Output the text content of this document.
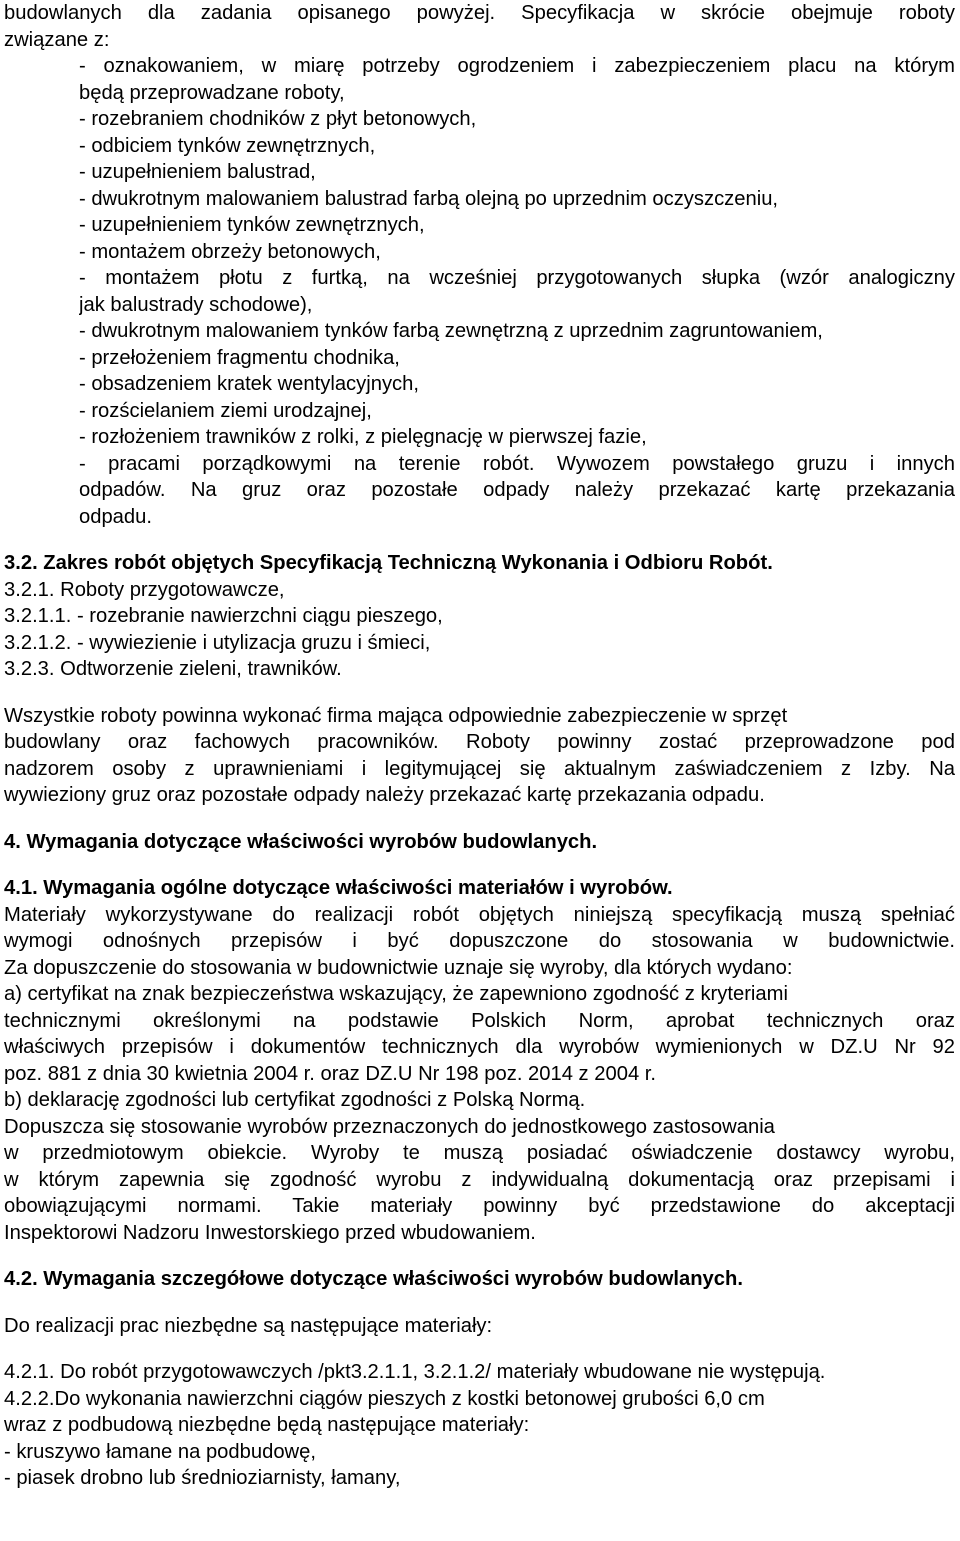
budowlanych dla zadania opisanego powyżej. Specyfikacja w skrócie obejmuje roboty
związane z:
- oznakowaniem, w miarę potrzeby ogrodzeniem i zabezpieczeniem placu na którym
będą przeprowadzane roboty,
- rozebraniem chodników z płyt betonowych,
- odbiciem tynków zewnętrznych,
- uzupełnieniem balustrad,
- dwukrotnym malowaniem balustrad farbą olejną po uprzednim oczyszczeniu,
- uzupełnieniem tynków zewnętrznych,
- montażem obrzeży betonowych,
- montażem płotu z furtką, na wcześniej przygotowanych słupka (wzór analogiczny
jak balustrady schodowe),
- dwukrotnym malowaniem tynków farbą zewnętrzną z uprzednim zagruntowaniem,
- przełożeniem fragmentu chodnika,
- obsadzeniem kratek wentylacyjnych,
- rozścielaniem ziemi urodzajnej,
- rozłożeniem trawników z rolki, z pielęgnację w pierwszej fazie,
- pracami porządkowymi na terenie robót. Wywozem powstałego gruzu i innych
odpadów. Na gruz oraz pozostałe odpady należy przekazać kartę przekazania
odpadu.
3.2. Zakres robót objętych Specyfikacją Techniczną Wykonania i Odbioru Robót.
3.2.1. Roboty przygotowawcze,
3.2.1.1. - rozebranie nawierzchni ciągu pieszego,
3.2.1.2. - wywiezienie i utylizacja gruzu i śmieci,
3.2.3. Odtworzenie zieleni, trawników.
Wszystkie roboty powinna wykonać firma mająca odpowiednie zabezpieczenie w sprzęt
budowlany oraz fachowych pracowników. Roboty powinny zostać przeprowadzone pod
nadzorem osoby z uprawnieniami i legitymującej się aktualnym zaświadczeniem z Izby. Na
wywieziony gruz oraz pozostałe odpady należy przekazać kartę przekazania odpadu.
4. Wymagania dotyczące właściwości wyrobów budowlanych.
4.1. Wymagania ogólne dotyczące właściwości materiałów i wyrobów.
Materiały wykorzystywane do realizacji robót objętych niniejszą specyfikacją muszą spełniać
wymogi odnośnych przepisów i być dopuszczone do stosowania w budownictwie.
Za dopuszczenie do stosowania w budownictwie uznaje się wyroby, dla których wydano:
a) certyfikat na znak bezpieczeństwa wskazujący, że zapewniono zgodność z kryteriami
technicznymi określonymi na podstawie Polskich Norm, aprobat technicznych oraz
właściwych przepisów i dokumentów technicznych dla wyrobów wymienionych w DZ.U Nr 92
poz. 881 z dnia 30 kwietnia 2004 r. oraz DZ.U Nr 198 poz. 2014 z 2004 r.
b) deklarację zgodności lub certyfikat zgodności z Polską Normą.
Dopuszcza się stosowanie wyrobów przeznaczonych do jednostkowego zastosowania
w przedmiotowym obiekcie. Wyroby te muszą posiadać oświadczenie dostawcy wyrobu,
w którym zapewnia się zgodność wyrobu z indywidualną dokumentacją oraz przepisami i
obowiązującymi normami. Takie materiały powinny być przedstawione do akceptacji
Inspektorowi Nadzoru Inwestorskiego przed wbudowaniem.
4.2. Wymagania szczegółowe dotyczące właściwości wyrobów budowlanych.
Do realizacji prac niezbędne są następujące materiały:
4.2.1. Do robót przygotowawczych /pkt3.2.1.1, 3.2.1.2/ materiały wbudowane nie występują.
4.2.2.Do wykonania nawierzchni ciągów pieszych z kostki betonowej grubości 6,0 cm
wraz z podbudową niezbędne będą następujące materiały:
- kruszywo łamane na podbudowę,
- piasek drobno lub średnioziarnisty, łamany,
